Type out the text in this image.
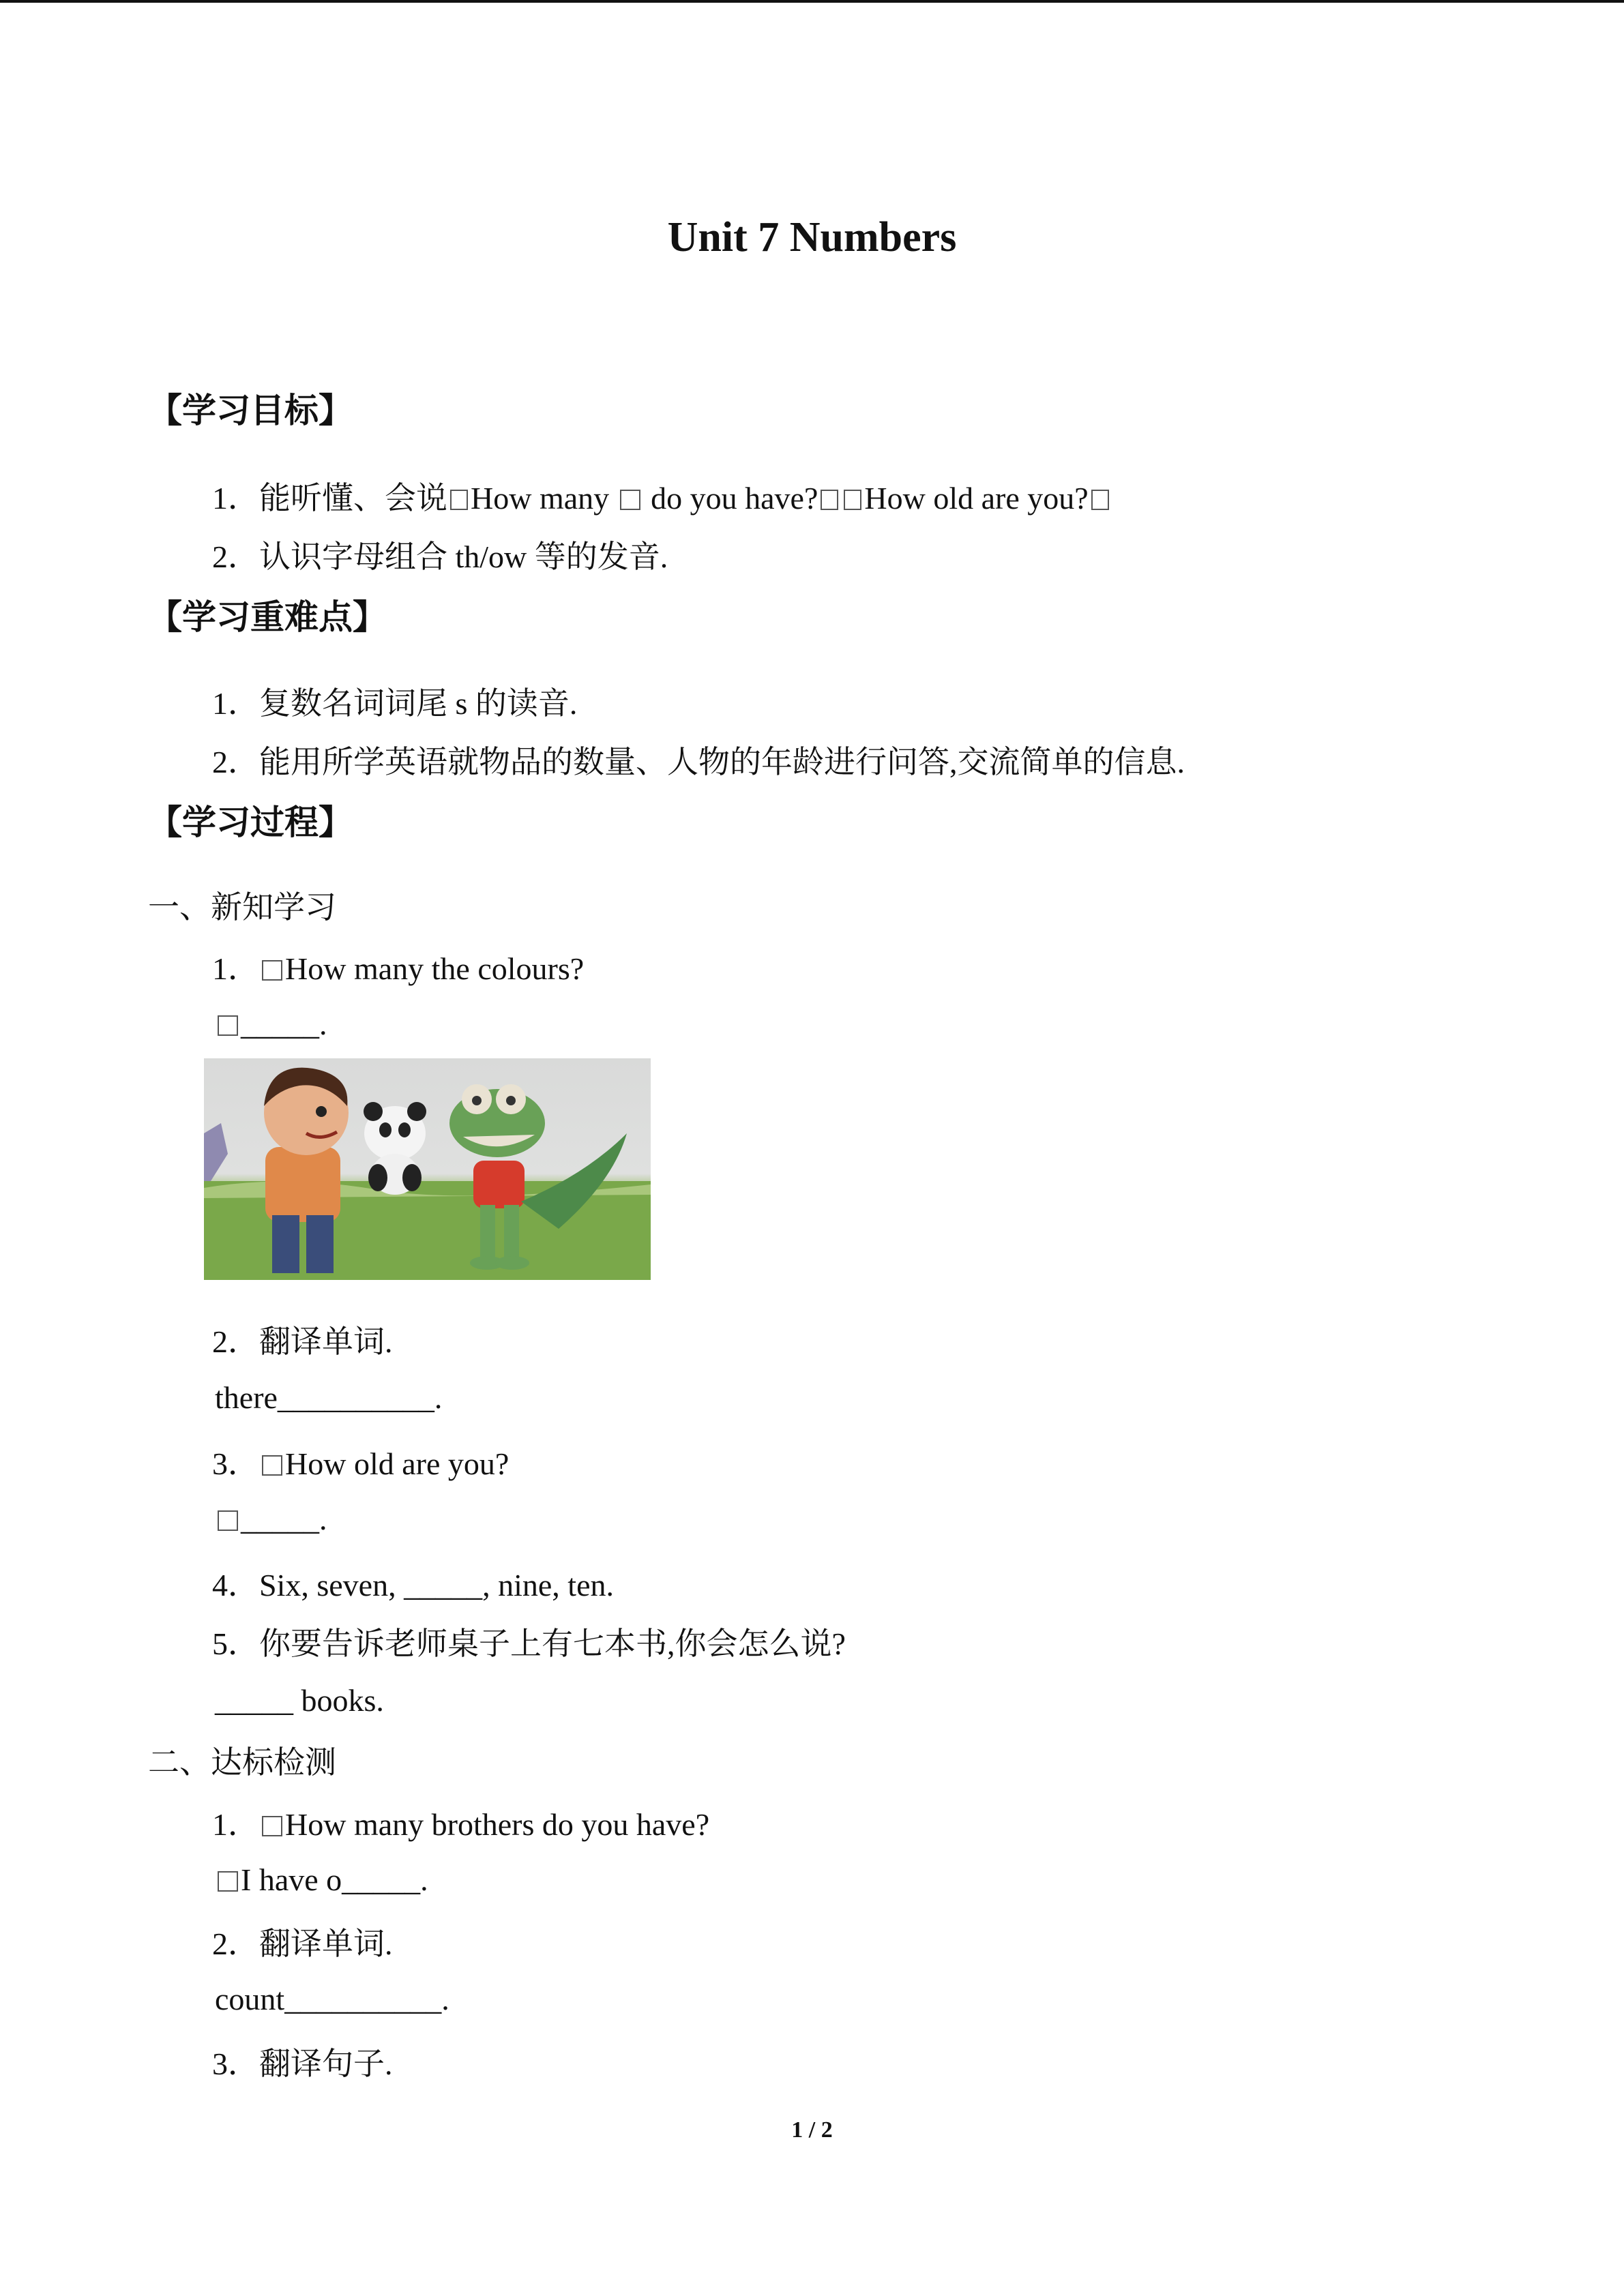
Unit 7 Numbers
【学习目标】
1．能听懂、会说 How many do you have? How old are you?
2．认识字母组合 th/ow 等的发音.
【学习重难点】
1．复数名词词尾 s 的读音.
2．能用所学英语就物品的数量、人物的年龄进行问答,交流简单的信息.
【学习过程】
一、新知学习
1． How many the colours?
_____.
2．翻译单词.
there__________.
3． How old are you?
_____.
4．Six, seven, _____, nine, ten.
5．你要告诉老师桌子上有七本书,你会怎么说?
_____ books.
二、达标检测
1． How many brothers do you have?
I have o_____.
2．翻译单词.
count__________.
3．翻译句子.
1 / 2
